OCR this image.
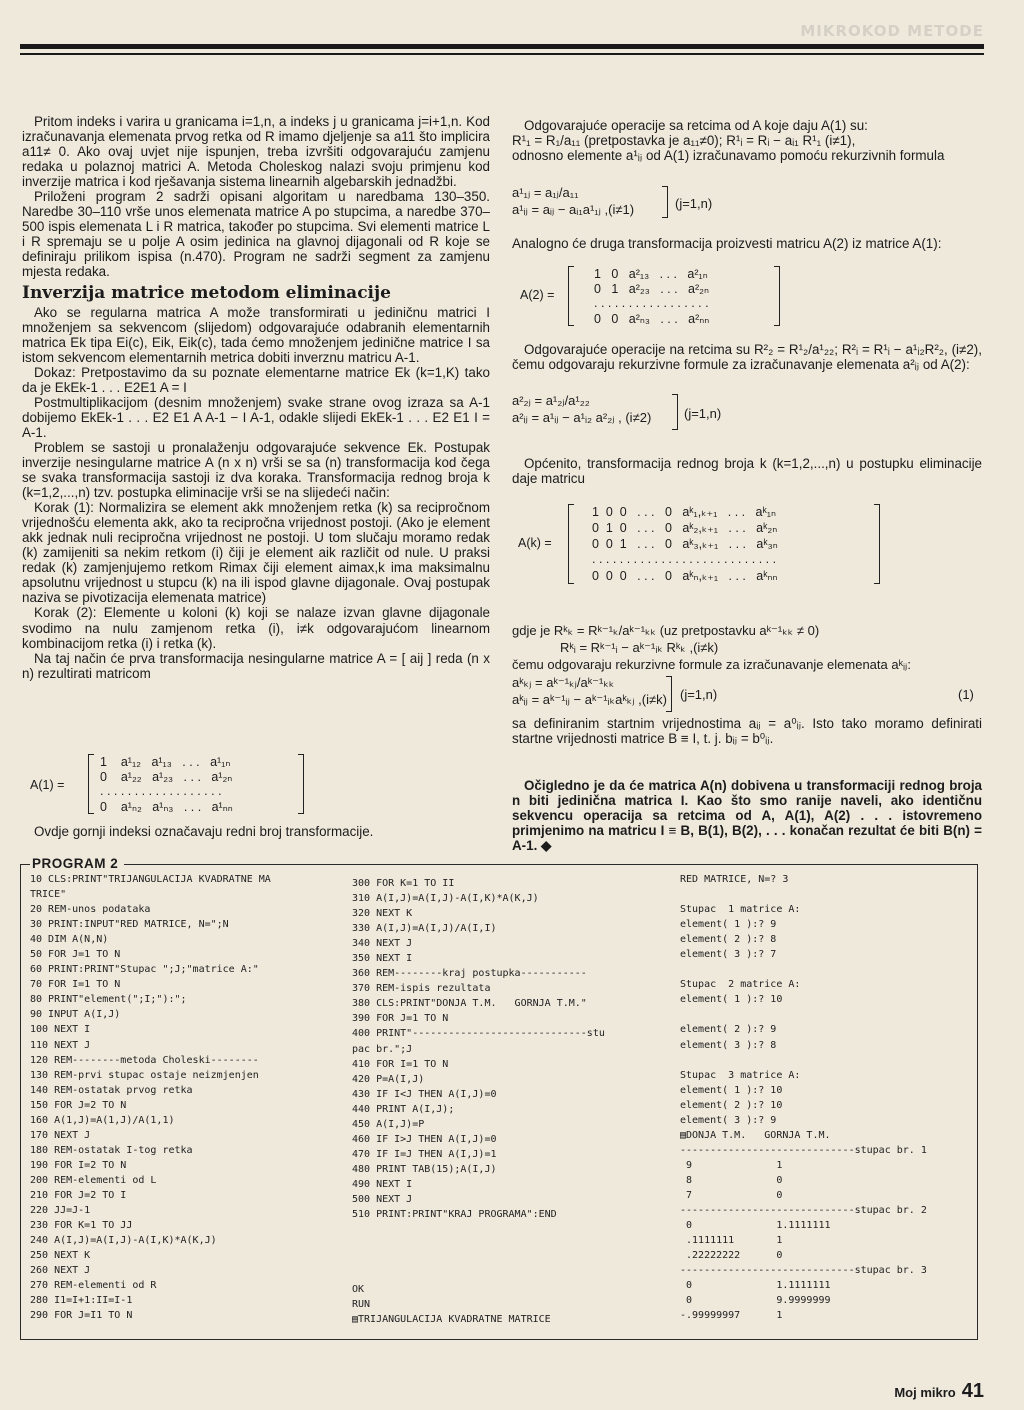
MIKROKOD METODE

Pritom indeks i varira u granicama i=1,n, a indeks j u granicama j=i+1,n. Kod izračunavanja elemenata prvog retka od R imamo djeljenje sa a11 što implicira a11≠ 0. Ako ovaj uvjet nije ispunjen, treba izvršiti odgovarajuću zamjenu redaka u polaznoj matrici A. Metoda Choleskog nalazi svoju primjenu kod inverzije matrica i kod rješavanja sistema linearnih algebarskih jednadžbi.

Priloženi program 2 sadrži opisani algoritam u naredbama 130–350. Naredbe 30–110 vrše unos elemenata matrice A po stupcima, a naredbe 370–500 ispis elemenata L i R matrica, također po stupcima. Svi elementi matrice L i R spremaju se u polje A osim jedinica na glavnoj dijagonali od R koje se definiraju prilikom ispisa (n.470). Program ne sadrži segment za zamjenu mjesta redaka.

Inverzija matrice metodom eliminacije

Ako se regularna matrica A može transformirati u jediničnu matrici I množenjem sa sekvencom (slijedom) odgovarajuće odabranih elementarnih matrica Ek tipa Ei(c), Eik, Eik(c), tada ćemo množenjem jedinične matrice I sa istom sekvencom elementarnih metrica dobiti inverznu matricu A-1.

Dokaz: Pretpostavimo da su poznate elementarne matrice Ek (k=1,K) tako da je EkEk-1 . . . E2E1 A = I

Postmultiplikacijom (desnim množenjem) svake strane ovog izraza sa A-1 dobijemo EkEk-1 . . . E2 E1 A A-1 − I A-1, odakle slijedi EkEk-1 . . . E2 E1 I = A-1.

Problem se sastoji u pronalaženju odgovarajuće sekvence Ek. Postupak inverzije nesingularne matrice A (n x n) vrši se sa (n) transformacija kod čega se svaka transformacija sastoji iz dva koraka. Transformacija rednog broja k (k=1,2,...,n) tzv. postupka eliminacije vrši se na slijedeći način:

Korak (1): Normalizira se element akk množenjem retka (k) sa recipročnom vrijednošću elementa akk, ako ta recipročna vrijednost postoji. (Ako je element akk jednak nuli recipročna vrijednost ne postoji. U tom slučaju moramo redak (k) zamijeniti sa nekim retkom (i) čiji je element aik različit od nule. U praksi redak (k) zamjenjujemo retkom Rimax čiji element aimax,k ima maksimalnu apsolutnu vrijednost u stupcu (k) na ili ispod glavne dijagonale. Ovaj postupak naziva se pivotizacija elemenata matrice)

Korak (2): Elemente u koloni (k) koji se nalaze izvan glavne dijagonale svodimo na nulu zamjenom retka (i), i≠k odgovarajućom linearnom kombinacijom retka (i) i retka (k).

Na taj način će prva transformacija nesingularne matrice A = [ aij ] reda (n x n) rezultirati matricom

A(1) =
1    a¹₁₂   a¹₁₃   . . .   a¹₁ₙ
0    a¹₂₂   a¹₂₃   . . .   a¹₂ₙ
. . . . . . . . . . . . . . . . . .
0    a¹ₙ₂   a¹ₙ₃   . . .   a¹ₙₙ

Ovdje gornji indeksi označavaju redni broj transformacije.

Odgovarajuće operacije sa retcima od A koje daju A(1) su:

R¹₁ = R₁/a₁₁ (pretpostavka je a₁₁≠0); R¹ᵢ = Rᵢ − aᵢ₁ R¹₁ (i≠1),

odnosno elemente a¹ᵢⱼ od A(1) izračunavamo pomoću rekurzivnih formula

a¹₁ⱼ = a₁ⱼ/a₁₁
a¹ᵢⱼ = aᵢⱼ − aᵢ₁a¹₁ⱼ ,(i≠1)	(j=1,n)

Analogno će druga transformacija proizvesti matricu A(2) iz matrice A(1):

A(2) =
1   0   a²₁₃   . . .   a²₁ₙ
0   1   a²₂₃   . . .   a²₂ₙ
. . . . . . . . . . . . . . . . .
0   0   a²ₙ₃   . . .   a²ₙₙ

Odgovarajuće operacije na retcima su R²₂ = R¹₂/a¹₂₂; R²ᵢ = R¹ᵢ − a¹ᵢ₂R²₂, (i≠2), čemu odgovaraju rekurzivne formule za izračunavanje elemenata a²ᵢⱼ od A(2):

a²₂ⱼ = a¹₂ⱼ/a¹₂₂
a²ᵢⱼ = a¹ᵢⱼ − a¹ᵢ₂ a²₂ⱼ , (i≠2)	(j=1,n)

Općenito, transformacija rednog broja k (k=1,2,...,n) u postupku eliminacije daje matricu

A(k) =
1  0  0   . . .   0   aᵏ₁,ₖ₊₁   . . .   aᵏ₁ₙ
0  1  0   . . .   0   aᵏ₂,ₖ₊₁   . . .   aᵏ₂ₙ
0  0  1   . . .   0   aᵏ₃,ₖ₊₁   . . .   aᵏ₃ₙ
. . . . . . . . . . . . . . . . . . . . . . . . . . .
0  0  0   . . .   0   aᵏₙ,ₖ₊₁   . . .   aᵏₙₙ
gdje je Rᵏₖ = Rᵏ⁻¹ₖ/aᵏ⁻¹ₖₖ (uz pretpostavku aᵏ⁻¹ₖₖ ≠ 0)
Rᵏᵢ = Rᵏ⁻¹ᵢ − aᵏ⁻¹ᵢₖ Rᵏₖ ,(i≠k)
čemu odgovaraju rekurzivne formule za izračunavanje elemenata aᵏᵢⱼ:
aᵏₖⱼ = aᵏ⁻¹ₖⱼ/aᵏ⁻¹ₖₖ
aᵏᵢⱼ = aᵏ⁻¹ᵢⱼ − aᵏ⁻¹ᵢₖaᵏₖⱼ ,(i≠k) (j=1,n)	(1)

sa definiranim startnim vrijednostima aᵢⱼ = a⁰ᵢⱼ. Isto tako moramo definirati startne vrijednosti matrice B ≡ I, t. j. bᵢⱼ = b⁰ᵢⱼ.

Očigledno je da će matrica A(n) dobivena u transformaciji rednog broja n biti jedinična matrica I. Kao što smo ranije naveli, ako identičnu sekvencu operacija sa retcima od A, A(1), A(2) . . . istovremeno primjenimo na matricu I ≡ B, B(1), B(2), . . . konačan rezultat će biti B(n) = A-1. ◆

PROGRAM 2
10 CLS:PRINT"TRIJANGULACIJA KVADRATNE MA
TRICE"
20 REM-unos podataka
30 PRINT:INPUT"RED MATRICE, N=";N
40 DIM A(N,N)
50 FOR J=1 TO N
60 PRINT:PRINT"Stupac ";J;"matrice A:"
70 FOR I=1 TO N
80 PRINT"element(";I;"):";
90 INPUT A(I,J)
100 NEXT I
110 NEXT J
120 REM--------metoda Choleski--------
130 REM-prvi stupac ostaje neizmjenjen
140 REM-ostatak prvog retka
150 FOR J=2 TO N
160 A(1,J)=A(1,J)/A(1,1)
170 NEXT J
180 REM-ostatak I-tog retka
190 FOR I=2 TO N
200 REM-elementi od L
210 FOR J=2 TO I
220 JJ=J-1
230 FOR K=1 TO JJ
240 A(I,J)=A(I,J)-A(I,K)*A(K,J)
250 NEXT K
260 NEXT J
270 REM-elementi od R
280 I1=I+1:II=I-1
290 FOR J=I1 TO N
300 FOR K=1 TO II
310 A(I,J)=A(I,J)-A(I,K)*A(K,J)
320 NEXT K
330 A(I,J)=A(I,J)/A(I,I)
340 NEXT J
350 NEXT I
360 REM--------kraj postupka-----------
370 REM-ispis rezultata
380 CLS:PRINT"DONJA T.M.   GORNJA T.M."
390 FOR J=1 TO N
400 PRINT"-----------------------------stu
pac br.";J
410 FOR I=1 TO N
420 P=A(I,J)
430 IF I<J THEN A(I,J)=0
440 PRINT A(I,J);
450 A(I,J)=P
460 IF I>J THEN A(I,J)=0
470 IF I=J THEN A(I,J)=1
480 PRINT TAB(15);A(I,J)
490 NEXT I
500 NEXT J
510 PRINT:PRINT"KRAJ PROGRAMA":END

OK
RUN
▤TRIJANGULACIJA KVADRATNE MATRICE
RED MATRICE, N=? 3

Stupac  1 matrice A:
element( 1 ):? 9
element( 2 ):? 8
element( 3 ):? 7

Stupac  2 matrice A:
element( 1 ):? 10

element( 2 ):? 9
element( 3 ):? 8

Stupac  3 matrice A:
element( 1 ):? 10
element( 2 ):? 10
element( 3 ):? 9
▤DONJA T.M.   GORNJA T.M.
-----------------------------stupac br. 1
9              1
8              0
7              0
-----------------------------stupac br. 2
0              1.1111111
.1111111       1
.22222222      0
-----------------------------stupac br. 3
0              1.1111111
0              9.9999999
-.99999997      1
Moj mikro 41
